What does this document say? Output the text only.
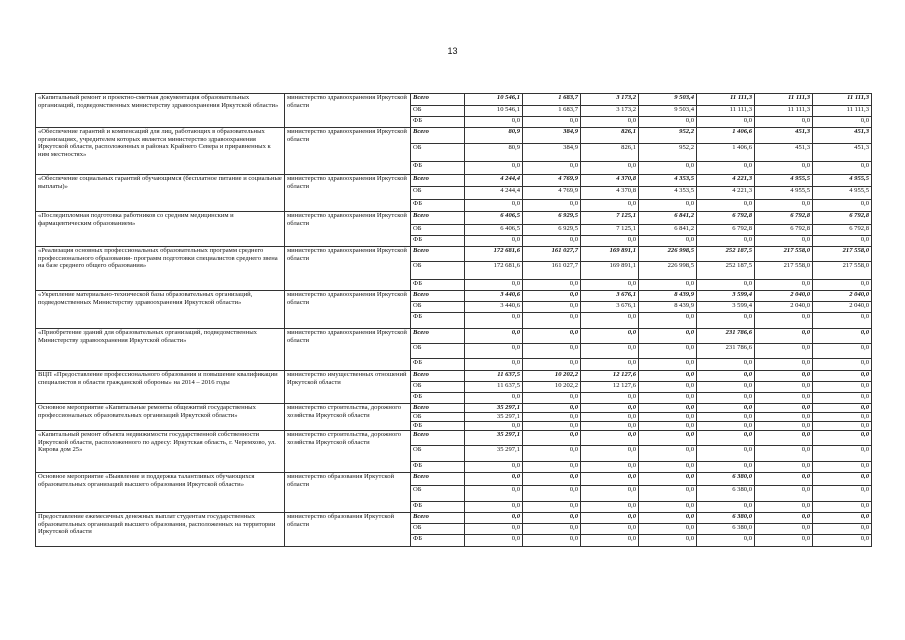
13
«Капитальный ремонт и проектно-сметная документация образовательных организаций, подведомственных министерству здравоохранения Иркутской области»	министерство здравоохранения Иркутской области	Всего	10 546,1	1 683,7	3 173,2	9 503,4	11 111,3	11 111,3	11 111,3
		ОБ	10 546,1	1 683,7	3 173,2	9 503,4	11 111,3	11 111,3	11 111,3
		ФБ	0,0	0,0	0,0	0,0	0,0	0,0	0,0
«Обеспечение гарантий и компенсаций для лиц, работающих в образовательных организациях, учредителем которых является министерство здравоохранения Иркутской области, расположенных в районах Крайнего Севера и приравненных к ним местностях»	министерство здравоохранения Иркутской области	Всего	80,9	384,9	826,1	952,2	1 406,6	451,3	451,3
		ОБ	80,9	384,9	826,1	952,2	1 406,6	451,3	451,3
		ФБ	0,0	0,0	0,0	0,0	0,0	0,0	0,0
«Обеспечение социальных гарантий обучающимся (бесплатное питание и социальные выплаты)»	министерство здравоохранения Иркутской области	Всего	4 244,4	4 769,9	4 370,8	4 353,5	4 221,3	4 955,5	4 955,5
		ОБ	4 244,4	4 769,9	4 370,8	4 353,5	4 221,3	4 955,5	4 955,5
		ФБ	0,0	0,0	0,0	0,0	0,0	0,0	0,0
«Последипломная подготовка работников со средним медицинским и фармацевтическим образованием»	министерство здравоохранения Иркутской области	Всего	6 406,5	6 929,5	7 125,1	6 841,2	6 792,8	6 792,8	6 792,8
		ОБ	6 406,5	6 929,5	7 125,1	6 841,2	6 792,8	6 792,8	6 792,8
		ФБ	0,0	0,0	0,0	0,0	0,0	0,0	0,0
«Реализация основных профессиональных образовательных программ среднего профессионального образования- программ подготовки специалистов среднего звена на базе среднего общего образования»	министерство здравоохранения Иркутской области	Всего	172 681,6	161 027,7	169 891,1	226 998,5	252 187,5	217 558,0	217 558,0
		ОБ	172 681,6	161 027,7	169 891,1	226 998,5	252 187,5	217 558,0	217 558,0
		ФБ	0,0	0,0	0,0	0,0	0,0	0,0	0,0
«Укрепление материально-технической базы образовательных организаций, подведомственных Министерству здравоохранения Иркутской области»	министерство здравоохранения Иркутской области	Всего	3 440,6	0,0	3 676,1	8 439,9	3 599,4	2 040,0	2 040,0
		ОБ	3 440,6	0,0	3 676,1	8 439,9	3 599,4	2 040,0	2 040,0
		ФБ	0,0	0,0	0,0	0,0	0,0	0,0	0,0
«Приобретение зданий для образовательных организаций, подведомственных Министерству здравоохранения Иркутской области»	министерство здравоохранения Иркутской области	Всего	0,0	0,0	0,0	0,0	231 786,6	0,0	0,0
		ОБ	0,0	0,0	0,0	0,0	231 786,6	0,0	0,0
		ФБ	0,0	0,0	0,0	0,0	0,0	0,0	0,0
ВЦП «Предоставление профессионального образования и повышение квалификации специалистов в области гражданской обороны» на 2014 – 2016 годы	министерство имущественных отношений Иркутской области	Всего	11 637,5	10 202,2	12 127,6	0,0	0,0	0,0	0,0
		ОБ	11 637,5	10 202,2	12 127,6	0,0	0,0	0,0	0,0
		ФБ	0,0	0,0	0,0	0,0	0,0	0,0	0,0
Основное мероприятие «Капитальные ремонты общежитий государственных профессиональных образовательных организаций Иркутской области»	министерство строительства, дорожного хозяйства Иркутской области	Всего	35 297,1	0,0	0,0	0,0	0,0	0,0	0,0
		ОБ	35 297,1	0,0	0,0	0,0	0,0	0,0	0,0
		ФБ	0,0	0,0	0,0	0,0	0,0	0,0	0,0
«Капитальный ремонт объекта недвижимости государственной собственности Иркутской области, расположенного по адресу: Иркутская область, г. Черемхово, ул. Кирова дом 25»	министерство строительства, дорожного хозяйства Иркутской области	Всего	35 297,1	0,0	0,0	0,0	0,0	0,0	0,0
		ОБ	35 297,1	0,0	0,0	0,0	0,0	0,0	0,0
		ФБ	0,0	0,0	0,0	0,0	0,0	0,0	0,0
Основное мероприятие «Выявление и поддержка талантливых обучающихся образовательных организаций высшего образования Иркутской области»	министерство образования Иркутской области	Всего	0,0	0,0	0,0	0,0	6 380,0	0,0	0,0
		ОБ	0,0	0,0	0,0	0,0	6 380,0	0,0	0,0
		ФБ	0,0	0,0	0,0	0,0	0,0	0,0	0,0
Предоставление ежемесячных денежных выплат студентам государственных образовательных организаций высшего образования, расположенных на территории Иркутской области	министерство образования Иркутской области	Всего	0,0	0,0	0,0	0,0	6 380,0	0,0	0,0
		ОБ	0,0	0,0	0,0	0,0	6 380,0	0,0	0,0
		ФБ	0,0	0,0	0,0	0,0	0,0	0,0	0,0
